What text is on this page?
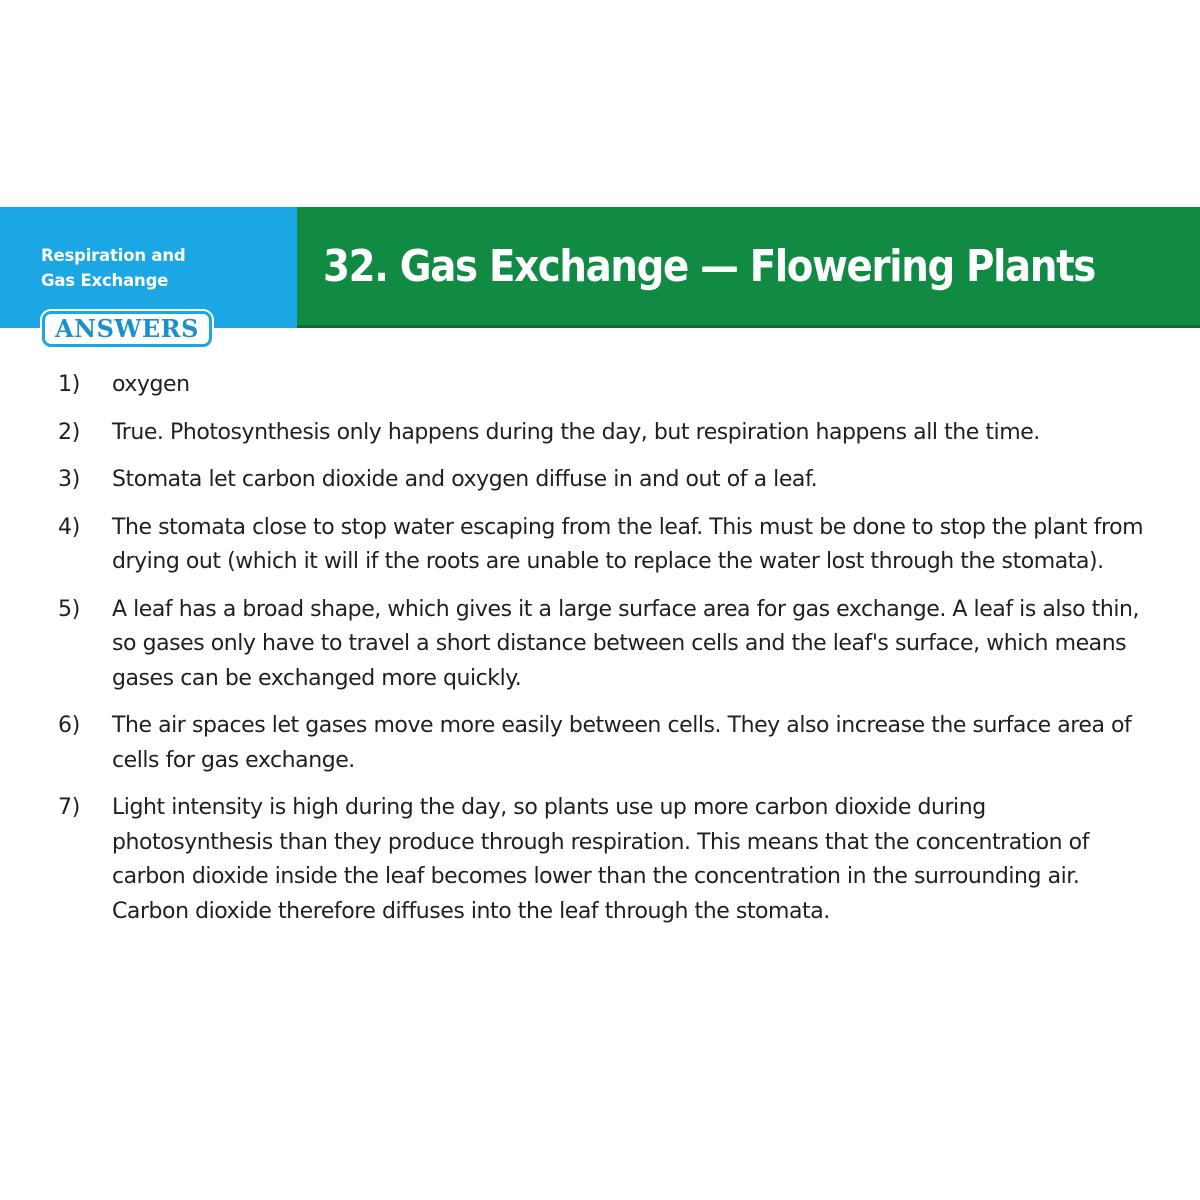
Respiration and
Gas Exchange
ANSWERS
32. Gas Exchange — Flowering Plants
1)	oxygen
2)	True. Photosynthesis only happens during the day, but respiration happens all the time.
3)	Stomata let carbon dioxide and oxygen diffuse in and out of a leaf.
4)	The stomata close to stop water escaping from the leaf. This must be done to stop the plant from drying out (which it will if the roots are unable to replace the water lost through the stomata).
5)	A leaf has a broad shape, which gives it a large surface area for gas exchange. A leaf is also thin, so gases only have to travel a short distance between cells and the leaf's surface, which means gases can be exchanged more quickly.
6)	The air spaces let gases move more easily between cells. They also increase the surface area of cells for gas exchange.
7)	Light intensity is high during the day, so plants use up more carbon dioxide during photosynthesis than they produce through respiration. This means that the concentration of carbon dioxide inside the leaf becomes lower than the concentration in the surrounding air. Carbon dioxide therefore diffuses into the leaf through the stomata.
